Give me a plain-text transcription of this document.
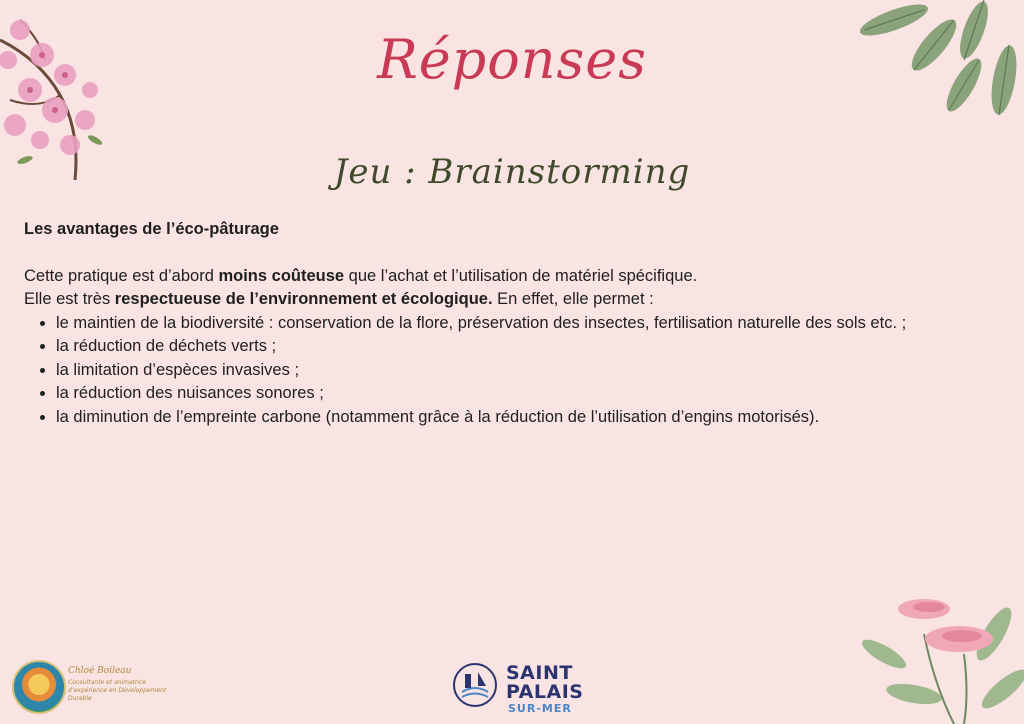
Réponses
Jeu : Brainstorming

Les avantages de l’éco-pâturage

Cette pratique est d’abord moins coûteuse que l’achat et l’utilisation de matériel spécifique.

Elle est très respectueuse de l’environnement et écologique. En effet, elle permet :

• le maintien de la biodiversité : conservation de la flore, préservation des insectes, fertilisation naturelle des sols etc. ;
• la réduction de déchets verts ;
• la limitation d’espèces invasives ;
• la réduction des nuisances sonores ;
• la diminution de l’empreinte carbone (notamment grâce à la réduction de l’utilisation d’engins motorisés).
Chloé Boileau
Consultante et animatrice d’expérience en Développement Durable
SAINT
PALAIS
SUR-MER
